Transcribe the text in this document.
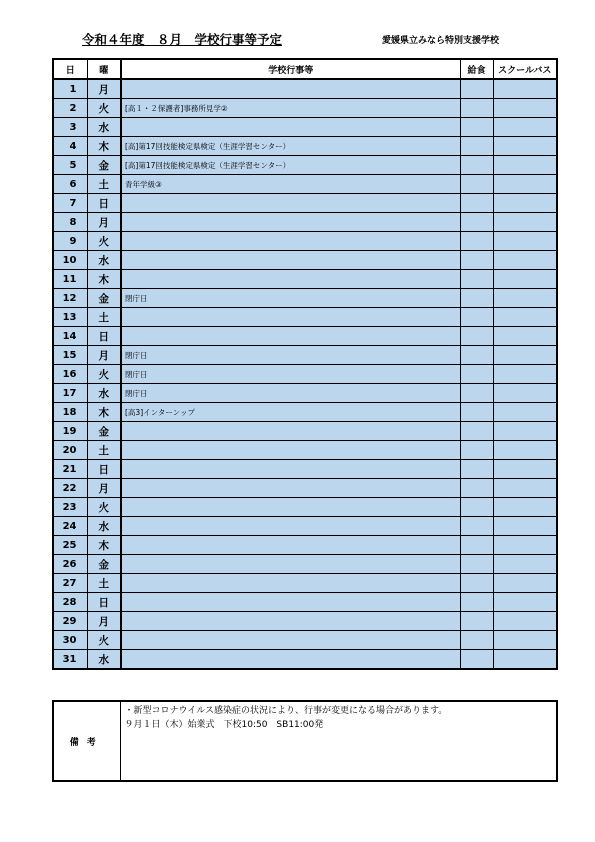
令和４年度　８月　学校行事等予定	愛媛県立みなら特別支援学校
日	曜	学校行事等	給食	スクールバス
1	月			
2	火	[高１・２保護者]事務所見学②		
3	水			
4	木	[高]第17回技能検定県検定（生涯学習センター）		
5	金	[高]第17回技能検定県検定（生涯学習センター）		
6	土	青年学級③		
7	日			
8	月			
9	火			
10	水			
11	木			
12	金	閉庁日		
13	土			
14	日			
15	月	閉庁日		
16	火	閉庁日		
17	水	閉庁日		
18	木	[高3]インターンップ		
19	金			
20	土			
21	日			
22	月			
23	火			
24	水			
25	木			
26	金			
27	土			
28	日			
29	月			
30	火			
31	水			
備考	
・新型コロナウイルス感染症の状況により、行事が変更になる場合があります。
９月１日（木）始業式　下校10:50　SB11:00発
